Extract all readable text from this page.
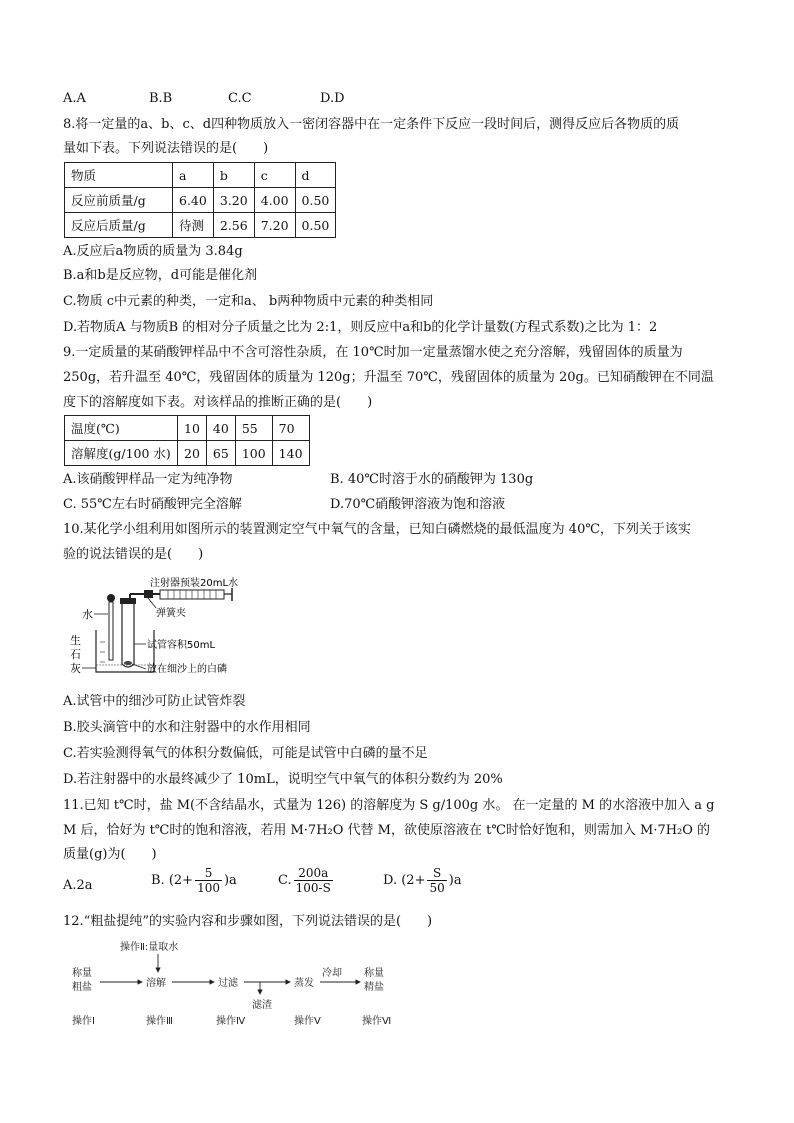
A.A	B.B	C.C	D.D
8.将一定量的a、b、c、d四种物质放入一密闭容器中在一定条件下反应一段时间后，测得反应后各物质的质
量如下表。下列说法错误的是(　　)
物质	a	b	c	d
反应前质量/g	6.40	3.20	4.00	0.50
反应后质量/g	待测	2.56	7.20	0.50
A.反应后a物质的质量为 3.84g
B.a和b是反应物，d可能是催化剂
C.物质 c中元素的种类，一定和a、 b两种物质中元素的种类相同
D.若物质A 与物质B 的相对分子质量之比为 2:1，则反应中a和b的化学计量数(方程式系数)之比为 1：2
9.一定质量的某硝酸钾样品中不含可溶性杂质，在 10℃时加一定量蒸馏水使之充分溶解，残留固体的质量为
250g，若升温至 40℃，残留固体的质量为 120g；升温至 70℃，残留固体的质量为 20g。已知硝酸钾在不同温
度下的溶解度如下表。对该样品的推断正确的是(　　)
温度(℃)	10	40	55	70
溶解度(g/100 水)	20	65	100	140
A.该硝酸钾样品一定为纯净物	B. 40℃时溶于水的硝酸钾为 130g
C. 55℃左右时硝酸钾完全溶解	D.70℃硝酸钾溶液为饱和溶液
10.某化学小组利用如图所示的装置测定空气中氧气的含量，已知白磷燃烧的最低温度为 40℃，下列关于该实
验的说法错误的是(　　)
注射器预装20mL水
弹簧夹
水
生
石
灰
试管容积50mL
放在细沙上的白磷
A.试管中的细沙可防止试管炸裂
B.胶头滴管中的水和注射器中的水作用相同
C.若实验测得氧气的体积分数偏低，可能是试管中白磷的量不足
D.若注射器中的水最终减少了 10mL，说明空气中氧气的体积分数约为 20%
11.已知 t℃时，盐 M(不含结晶水，式量为 126) 的溶解度为 S g/100g 水。 在一定量的 M 的水溶液中加入 a g
M 后，恰好为 t℃时的饱和溶液，若用 M·7H₂O 代替 M，欲使原溶液在 t℃时恰好饱和，则需加入 M·7H₂O 的
质量(g)为(　　)
A.2a	B. $(2+ \frac{5}{100} )a$	C. $\frac{200a}{100-S}$	D. $(2+ \frac{S}{50} )a$
12.“粗盐提纯”的实验内容和步骤如图，下列说法错误的是(　　)
操作Ⅱ:量取水
称量
粗盐	溶解	过滤
滤渣
蒸发
冷却 称量
精盐
操作Ⅰ	操作Ⅲ	操作Ⅳ	操作Ⅴ	操作Ⅵ
